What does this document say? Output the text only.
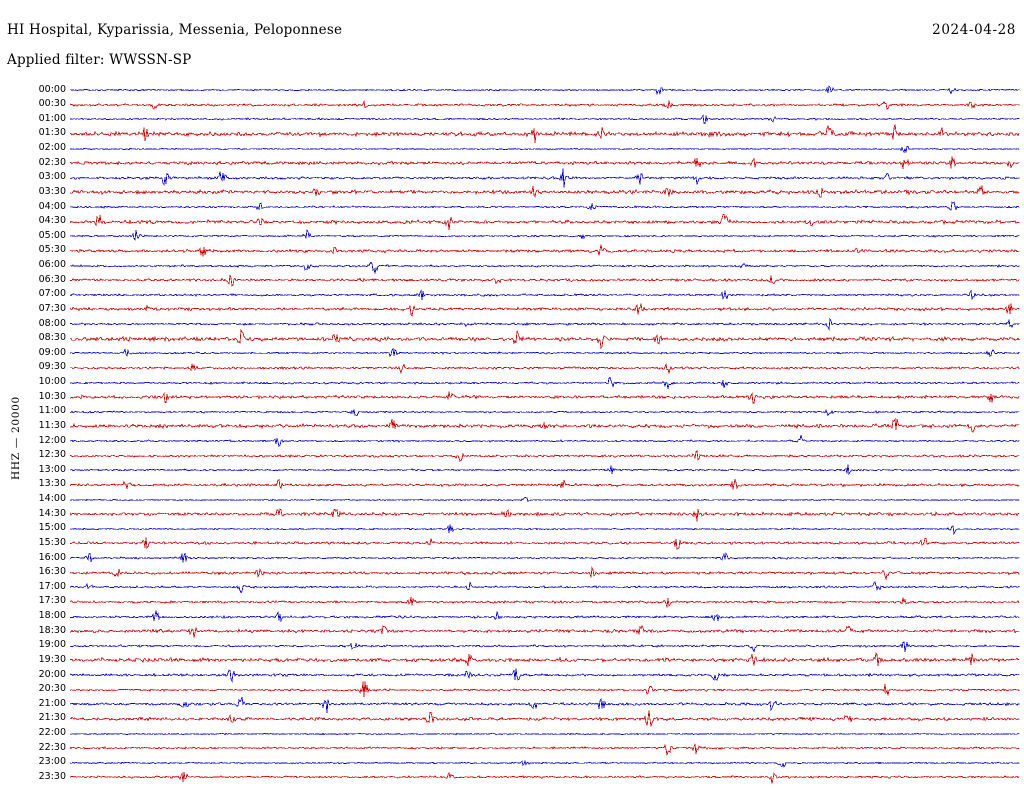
HI Hospital, Kyparissia, Messenia, Peloponnese	2024-04-28
Applied filter: WWSSN-SP
HHZ — 20000
00:00
00:30
01:00
01:30
02:00
02:30
03:00
03:30
04:00
04:30
05:00
05:30
06:00
06:30
07:00
07:30
08:00
08:30
09:00
09:30
10:00
10:30
11:00
11:30
12:00
12:30
13:00
13:30
14:00
14:30
15:00
15:30
16:00
16:30
17:00
17:30
18:00
18:30
19:00
19:30
20:00
20:30
21:00
21:30
22:00
22:30
23:00
23:30
